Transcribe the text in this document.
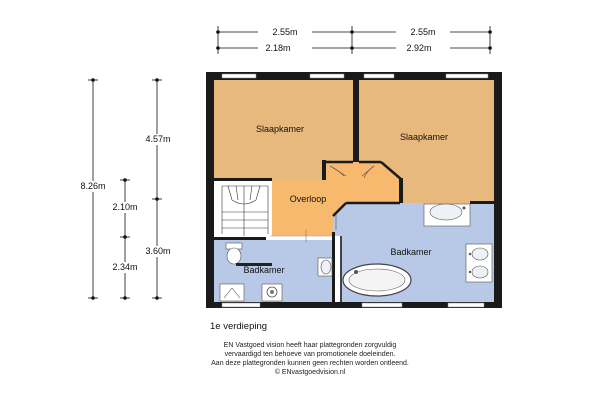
2.55m	2.55m
2.18m	2.92m
4.57m
8.26m
2.10m
3.60m
2.34m
Slaapkamer
Slaapkamer
Overloop
Badkamer
Badkamer
1e verdieping
EN Vastgoed vision heeft haar plattegronden zorgvuldig
vervaardigd ten behoeve van promotionele doeleinden.
Aan deze plattegronden kunnen geen rechten worden ontleend.
© ENvastgoedvision.nl
